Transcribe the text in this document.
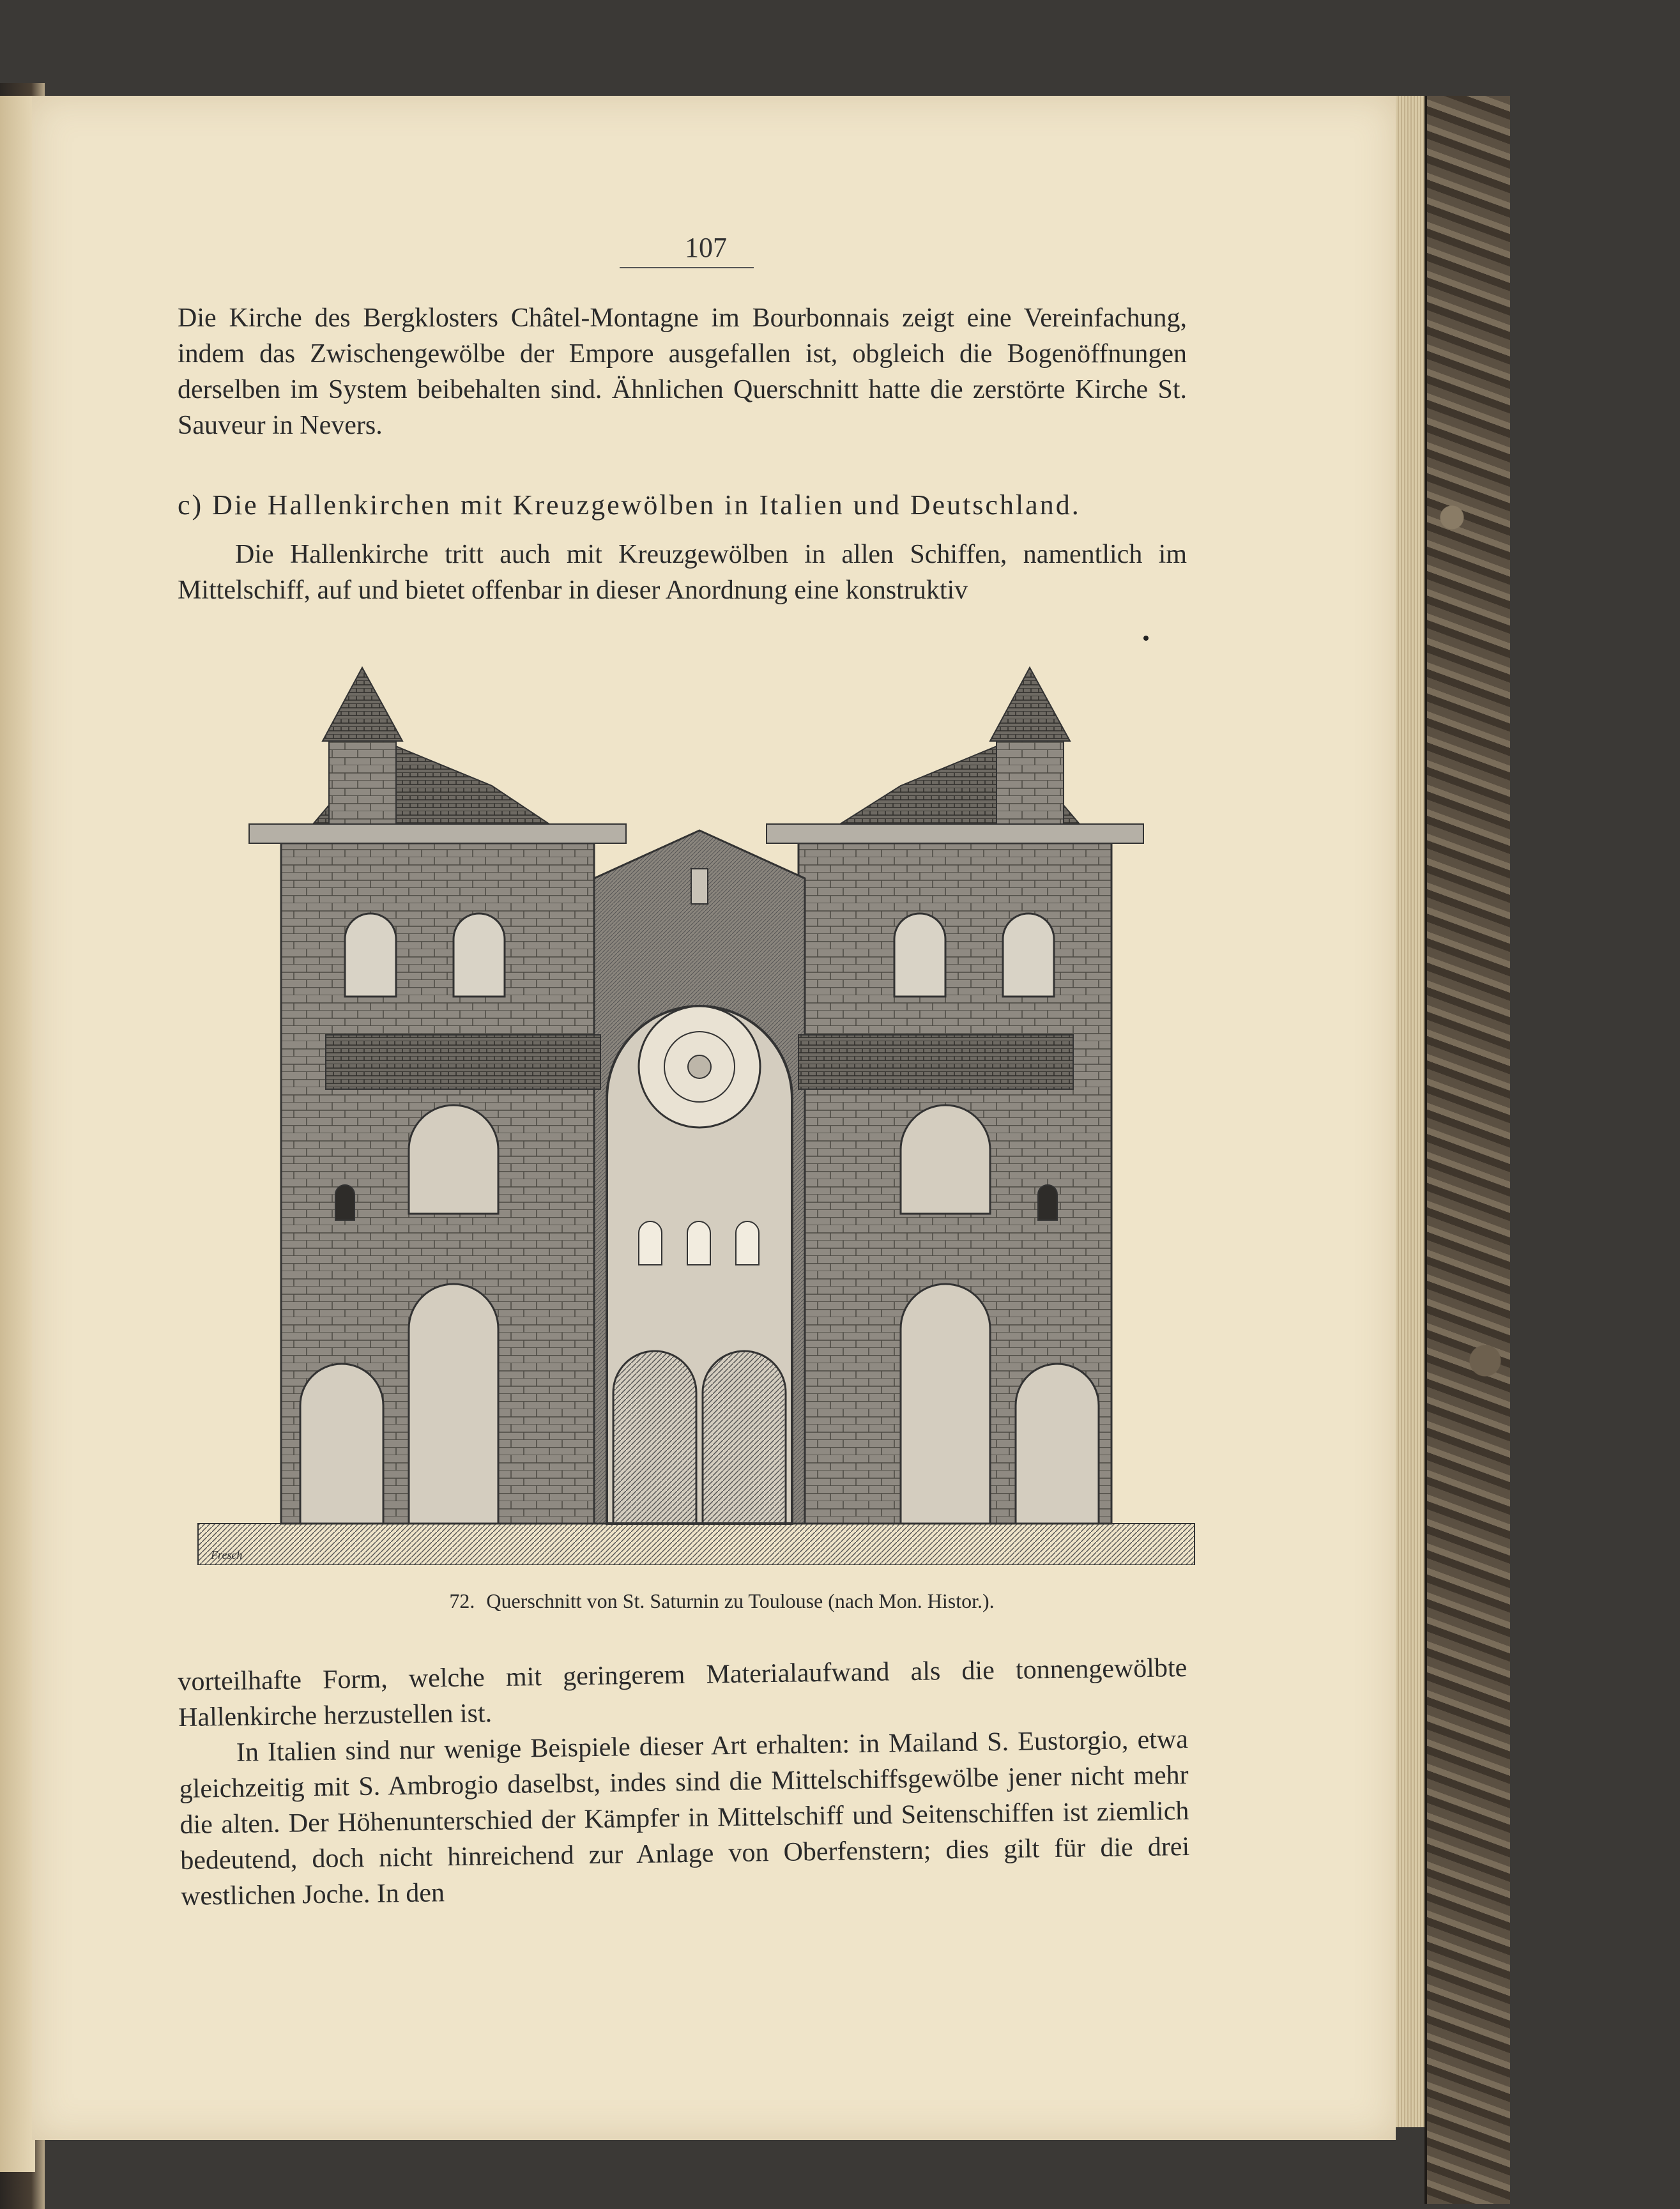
107
Die Kirche des Bergklosters Châtel-Montagne im Bourbonnais zeigt eine Vereinfachung, indem das Zwischengewölbe der Empore ausgefallen ist, obgleich die Bogenöffnungen derselben im System beibehalten sind. Ähnlichen Querschnitt hatte die zerstörte Kirche St. Sauveur in Nevers.
c) Die Hallenkirchen mit Kreuzgewölben in Italien und Deutschland.
Die Hallenkirche tritt auch mit Kreuzgewölben in allen Schiffen, namentlich im Mittelschiff, auf und bietet offenbar in dieser Anordnung eine konstruktiv
Fresch
72. Querschnitt von St. Saturnin zu Toulouse (nach Mon. Histor.).
vorteilhafte Form, welche mit geringerem Materialaufwand als die tonnengewölbte Hallenkirche herzustellen ist.
In Italien sind nur wenige Beispiele dieser Art erhalten: in Mailand S. Eustorgio, etwa gleichzeitig mit S. Ambrogio daselbst, indes sind die Mittelschiffsgewölbe jener nicht mehr die alten. Der Höhenunterschied der Kämpfer in Mittelschiff und Seitenschiffen ist ziemlich bedeutend, doch nicht hinreichend zur Anlage von Oberfenstern; dies gilt für die drei westlichen Joche. In den
